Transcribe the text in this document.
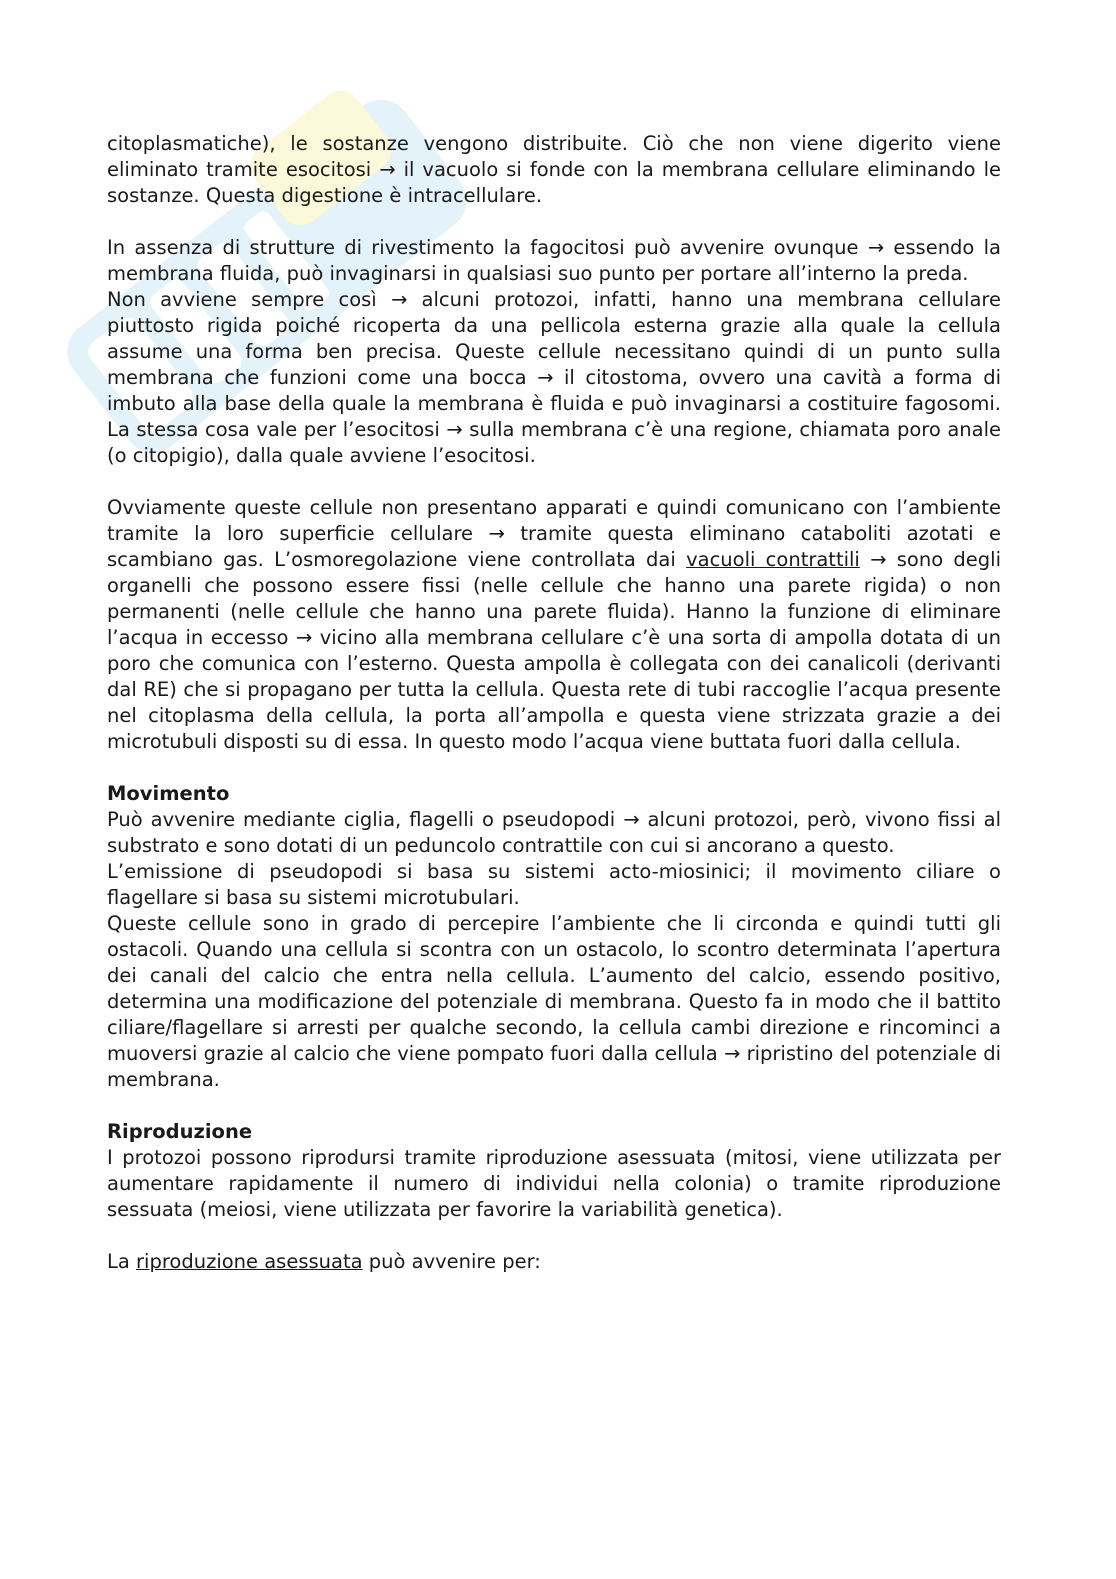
citoplasmatiche), le sostanze vengono distribuite. Ciò che non viene digerito viene eliminato tramite esocitosi → il vacuolo si fonde con la membrana cellulare eliminando le sostanze. Questa digestione è intracellulare.

In assenza di strutture di rivestimento la fagocitosi può avvenire ovunque → essendo la membrana fluida, può invaginarsi in qualsiasi suo punto per portare all’interno la preda.

Non avviene sempre così → alcuni protozoi, infatti, hanno una membrana cellulare piuttosto rigida poiché ricoperta da una pellicola esterna grazie alla quale la cellula assume una forma ben precisa. Queste cellule necessitano quindi di un punto sulla membrana che funzioni come una bocca → il citostoma, ovvero una cavità a forma di imbuto alla base della quale la membrana è fluida e può invaginarsi a costituire fagosomi. La stessa cosa vale per l’esocitosi → sulla membrana c’è una regione, chiamata poro anale (o citopigio), dalla quale avviene l’esocitosi.

Ovviamente queste cellule non presentano apparati e quindi comunicano con l’ambiente tramite la loro superficie cellulare → tramite questa eliminano cataboliti azotati e scambiano gas. L’osmoregolazione viene controllata dai vacuoli contrattili → sono degli organelli che possono essere fissi (nelle cellule che hanno una parete rigida) o non permanenti (nelle cellule che hanno una parete fluida). Hanno la funzione di eliminare l’acqua in eccesso → vicino alla membrana cellulare c’è una sorta di ampolla dotata di un poro che comunica con l’esterno. Questa ampolla è collegata con dei canalicoli (derivanti dal RE) che si propagano per tutta la cellula. Questa rete di tubi raccoglie l’acqua presente nel citoplasma della cellula, la porta all’ampolla e questa viene strizzata grazie a dei microtubuli disposti su di essa. In questo modo l’acqua viene buttata fuori dalla cellula.

Movimento

Può avvenire mediante ciglia, flagelli o pseudopodi → alcuni protozoi, però, vivono fissi al substrato e sono dotati di un peduncolo contrattile con cui si ancorano a questo.

L’emissione di pseudopodi si basa su sistemi acto-miosinici; il movimento ciliare o flagellare si basa su sistemi microtubulari.

Queste cellule sono in grado di percepire l’ambiente che li circonda e quindi tutti gli ostacoli. Quando una cellula si scontra con un ostacolo, lo scontro determinata l’apertura dei canali del calcio che entra nella cellula. L’aumento del calcio, essendo positivo, determina una modificazione del potenziale di membrana. Questo fa in modo che il battito ciliare/flagellare si arresti per qualche secondo, la cellula cambi direzione e rincominci a muoversi grazie al calcio che viene pompato fuori dalla cellula → ripristino del potenziale di membrana.

Riproduzione

I protozoi possono riprodursi tramite riproduzione asessuata (mitosi, viene utilizzata per aumentare rapidamente il numero di individui nella colonia) o tramite riproduzione sessuata (meiosi, viene utilizzata per favorire la variabilità genetica).

La riproduzione asessuata può avvenire per:
